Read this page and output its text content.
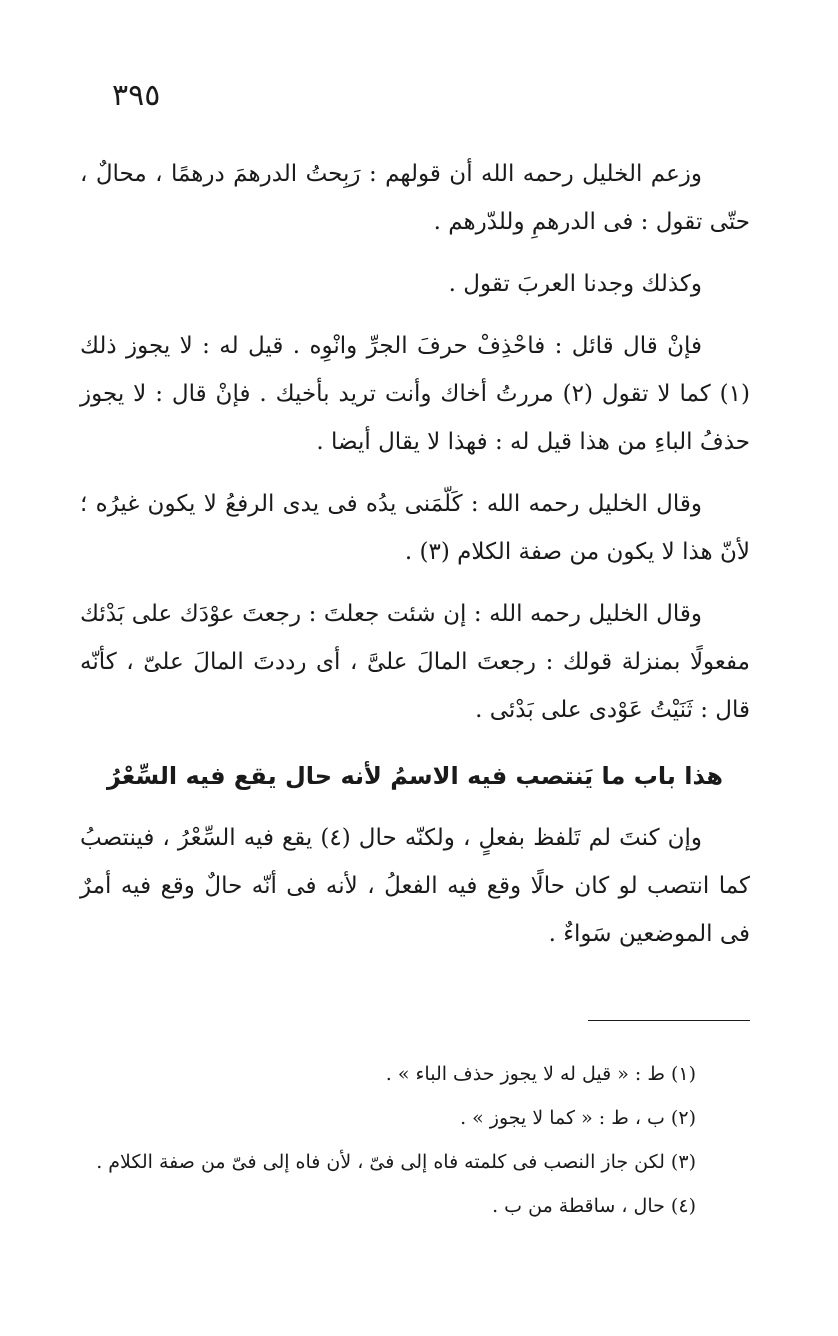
٣٩٥

وزعم الخليل رحمه الله أن قولهم : رَبِحتُ الدرهمَ درهمًا ، محالٌ ، حتّى تقول : فى الدرهمِ وللدّرهم .

وكذلك وجدنا العربَ تقول .

فإنْ قال قائل : فاحْذِفْ حرفَ الجرِّ وانْوِه . قيل له : لا يجوز ذلك (١) كما لا تقول (٢) مررتُ أخاك وأنت تريد بأخيك . فإنْ قال : لا يجوز حذفُ الباءِ من هذا قيل له : فهذا لا يقال أيضا .

وقال الخليل رحمه الله : كَلّمَنى يدُه فى يدى الرفعُ لا يكون غيرُه ؛ لأنّ هذا لا يكون من صفة الكلام (٣) .

وقال الخليل رحمه الله : إن شئت جعلتَ : رجعتَ عوْدَك على بَدْئك مفعولًا بمنزلة قولك : رجعتَ المالَ علىَّ ، أى رددتَ المالَ علىّ ، كأنّه قال : ثَنَيْتُ عَوْدى على بَدْئى .

هذا باب ما يَنتصب فيه الاسمُ لأنه حال يقع فيه السِّعْرُ

وإن كنتَ لم تَلفظ بفعلٍ ، ولكنّه حال (٤) يقع فيه السِّعْرُ ، فينتصبُ كما انتصب لو كان حالًا وقع فيه الفعلُ ، لأنه فى أنّه حالٌ وقع فيه أمرٌ فى الموضعين سَواءٌ .

(١) ط : « قيل له لا يجوز حذف الباء » .

(٢) ب ، ط : « كما لا يجوز » .

(٣) لكن جاز النصب فى كلمته فاه إلى فىّ ، لأن فاه إلى فىّ من صفة الكلام .

(٤) حال ، ساقطة من ب .
